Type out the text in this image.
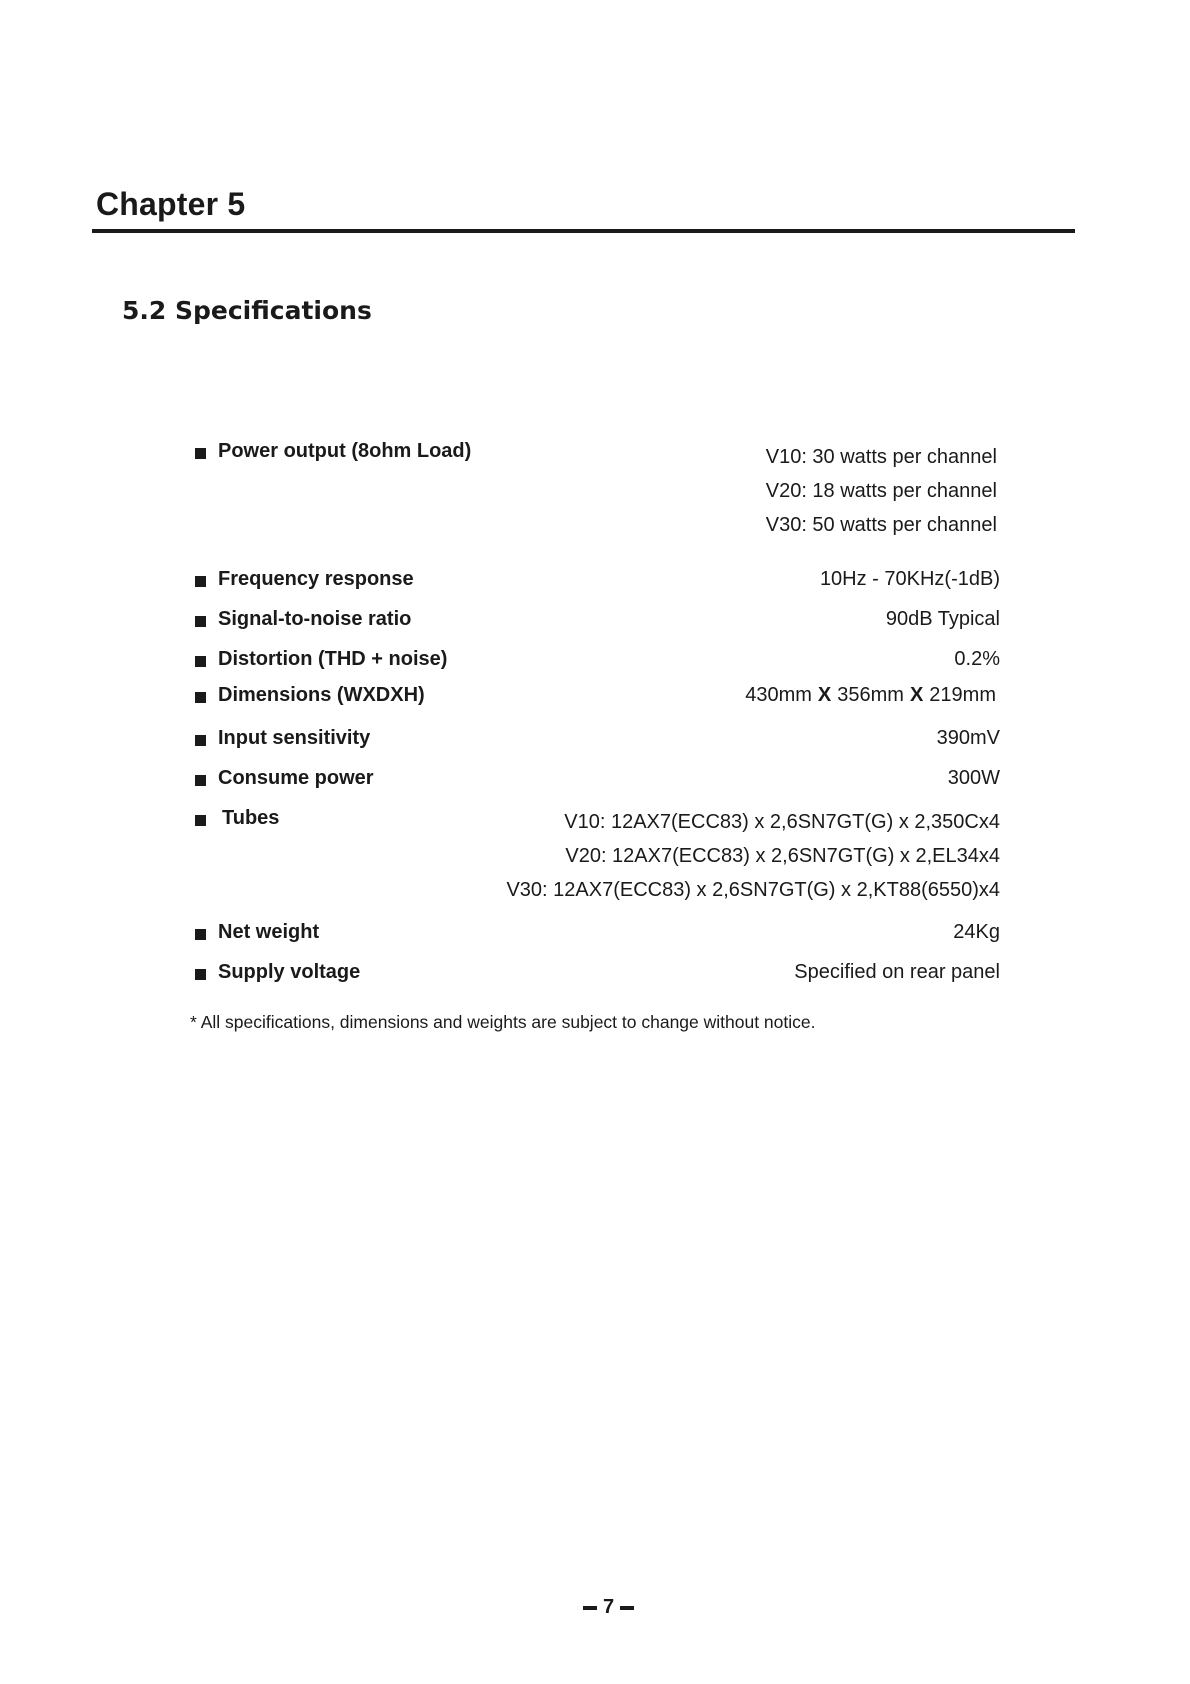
Chapter 5
5.2 Specifications
Power output (8ohm Load)	V10: 30 watts per channel
V20: 18 watts per channel
V30: 50 watts per channel
Frequency response	10Hz - 70KHz(-1dB)
Signal-to-noise ratio	90dB Typical
Distortion (THD + noise)	0.2%
Dimensions (WXDXH)	430mm X 356mm X 219mm
Input sensitivity	390mV
Consume power	300W
Tubes	V10: 12AX7(ECC83) x 2,6SN7GT(G) x 2,350Cx4
V20: 12AX7(ECC83) x 2,6SN7GT(G) x 2,EL34x4
V30: 12AX7(ECC83) x 2,6SN7GT(G) x 2,KT88(6550)x4
Net weight	24Kg
Supply voltage	Specified on rear panel
* All specifications, dimensions and weights are subject to change without notice.
7
